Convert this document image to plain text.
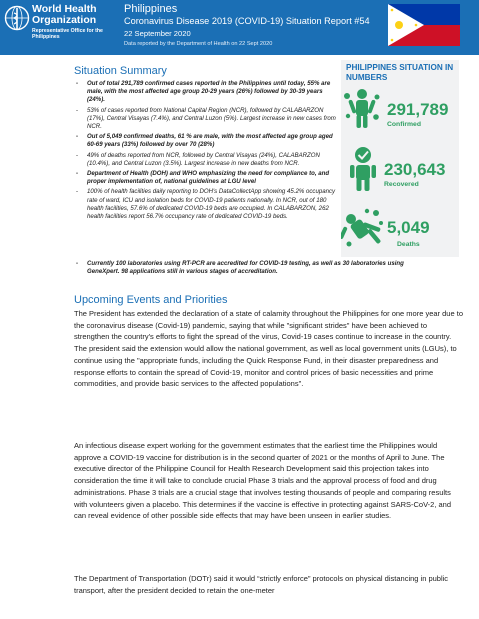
World Health Organization
Representative Office for the Philippines
Philippines
Coronavirus Disease 2019 (COVID-19) Situation Report #54
22 September 2020
Data reported by the Department of Health on 22 Sept 2020
Situation Summary
- Out of total 291,789 confirmed cases reported in the Philippines until today, 55% are male, with the most affected age group 20-29 years (26%) followed by 30-39 years (24%).
- 53% of cases reported from National Capital Region (NCR), followed by CALABARZON (17%), Central Visayas (7.4%), and Central Luzon (5%). Largest increase in new cases from NCR.
- Out of 5,049 confirmed deaths, 61 % are male, with the most affected age group aged 60-69 years (33%) followed by over 70 (28%)
- 49% of deaths reported from NCR, followed by Central Visayas (24%), CALABARZON (10.4%), and Central Luzon (3.5%). Largest increase in new deaths from NCR.
- Department of Health (DOH) and WHO emphasizing the need for compliance to, and proper implementation of, national guidelines at LGU level
- 100% of health facilities daily reporting to DOH's DataCollectApp showing 45.2% occupancy rate of ward, ICU and isolation beds for COVID-19 patients nationally. In NCR, out of 180 health facilities, 57.6% of dedicated COVID-19 beds are occupied. In CALABARZON, 262 health facilities report 56.7% occupancy rate of dedicated COVID-19 beds.
- Currently 100 laboratories using RT-PCR are accredited for COVID-19 testing, as well as 30 laboratories using GeneXpert. 98 applications still in various stages of accreditation.
PHILIPPINES SITUATION IN NUMBERS
291,789
Confirmed
230,643
Recovered
5,049
Deaths
Upcoming Events and Priorities

The President has extended the declaration of a state of calamity throughout the Philippines for one more year due to the coronavirus disease (Covid-19) pandemic, saying that while "significant strides" have been achieved to strengthen the country's efforts to fight the spread of the virus, Covid-19 cases continue to increase in the country. The president said the extension would allow the national government, as well as local government units (LGUs), to continue using the "appropriate funds, including the Quick Response Fund, in their disaster preparedness and response efforts to contain the spread of Covid-19, monitor and control prices of basic necessities and prime commodities, and provide basic services to the affected populations".

An infectious disease expert working for the government estimates that the earliest time the Philippines would approve a COVID-19 vaccine for distribution is in the second quarter of 2021 or the months of April to June. The executive director of the Philippine Council for Health Research Development said this projection takes into consideration the time it will take to conclude crucial Phase 3 trials and the approval process of food and drug administrations. Phase 3 trials are a crucial stage that involves testing thousands of people and comparing results with volunteers given a placebo. This determines if the vaccine is effective in protecting against SARS-CoV-2, and can reveal evidence of other possible side effects that may have been unseen in earlier studies.

The Department of Transportation (DOTr) said it would “strictly enforce” protocols on physical distancing in public transport, after the president decided to retain the one-meter
